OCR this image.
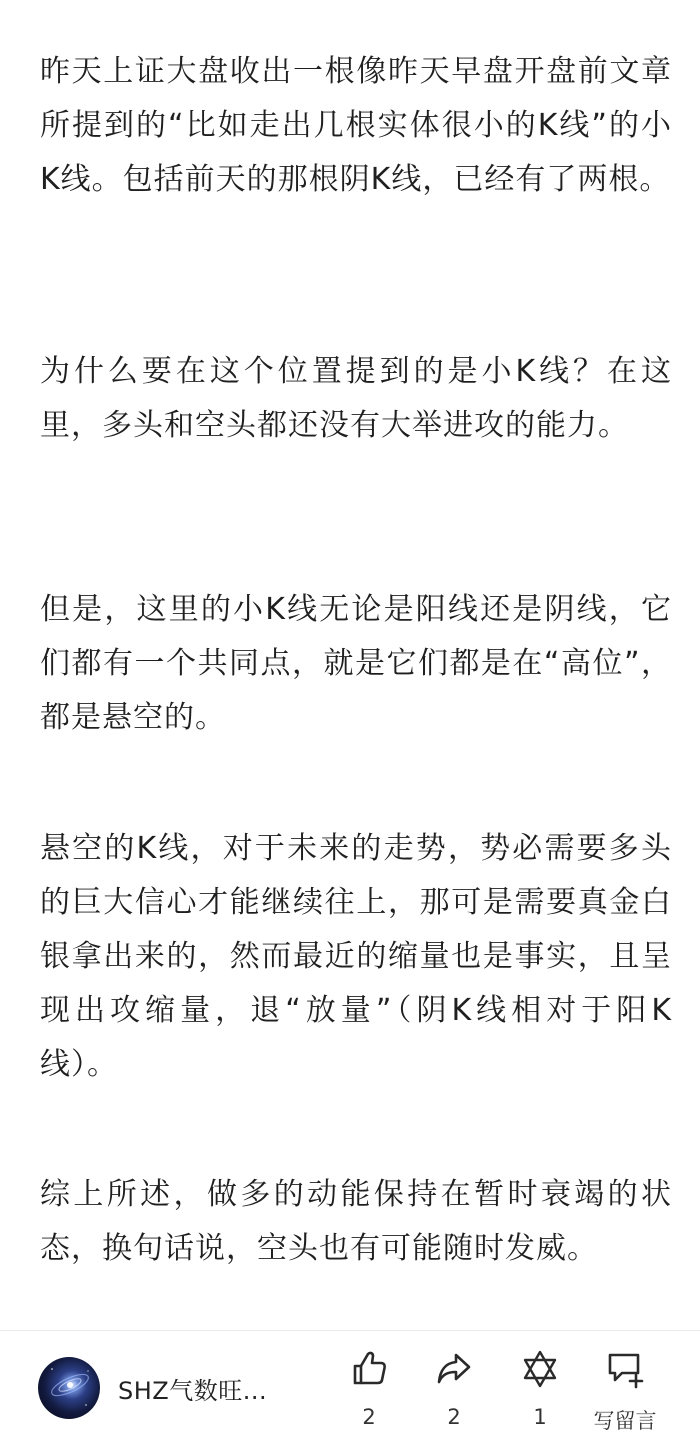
昨天上证大盘收出一根像昨天早盘开盘前文章所提到的“比如走出几根实体很小的K线”的小K线。包括前天的那根阴K线，已经有了两根。

为什么要在这个位置提到的是小K线？在这里，多头和空头都还没有大举进攻的能力。

但是，这里的小K线无论是阳线还是阴线，它们都有一个共同点，就是它们都是在“高位”，都是悬空的。

悬空的K线，对于未来的走势，势必需要多头的巨大信心才能继续往上，那可是需要真金白银拿出来的，然而最近的缩量也是事实，且呈现出攻缩量，退“放量”（阴K线相对于阳K线）。

综上所述，做多的动能保持在暂时衰竭的状态，换句话说，空头也有可能随时发威。

SHZ气数旺...
2	2	1	写留言
